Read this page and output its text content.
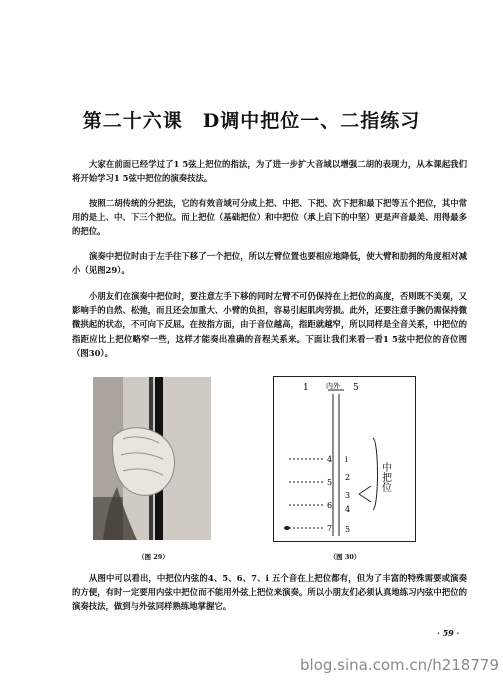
第二十六课　D调中把位一、二指练习

大家在前面已经学过了1 5弦上把位的指法，为了进一步扩大音域以增强二胡的表现力，从本课起我们将开始学习1 5弦中把位的演奏技法。

按照二胡传统的分把法，它的有效音域可分成上把、中把、下把、次下把和最下把等五个把位，其中常用的是上、中、下三个把位。而上把位（基础把位）和中把位（承上启下的中坚）更是声音最美、用得最多的把位。

演奏中把位时由于左手往下移了一个把位，所以左臂位置也要相应地降低，使大臂和肋拥的角度相对减小（见图29）。

小朋友们在演奏中把位时，要注意左手下移的同时左臂不可仍保持在上把位的高度，否则既不美观，又影响手的自然、松弛，而且还会加重大、小臂的负担，容易引起肌肉劳损。此外，还要注意手腕仍需保持微微拱起的状态，不可向下反屈。在按指方面，由于音位越高，指距就越窄，所以同样是全音关系，中把位的指距应比上把位略窄一些，这样才能奏出准确的音程关系来。下面让我们来看一看1 5弦中把位的音位图（图30）。

（图 29）
1 内外 5
4
5
6
7
i
2
3
4
5
中把位
（图 30）

从图中可以看出，中把位内弦的4、5、6、7、i 五个音在上把位都有，但为了丰富的特殊需要或演奏的方便，有时一定要用内弦中把位而不能用外弦上把位来演奏。所以小朋友们必须认真地练习内弦中把位的演奏技法，做到与外弦同样熟练地掌握它。

· 59 ·
blog.sina.com.cn/h218779
